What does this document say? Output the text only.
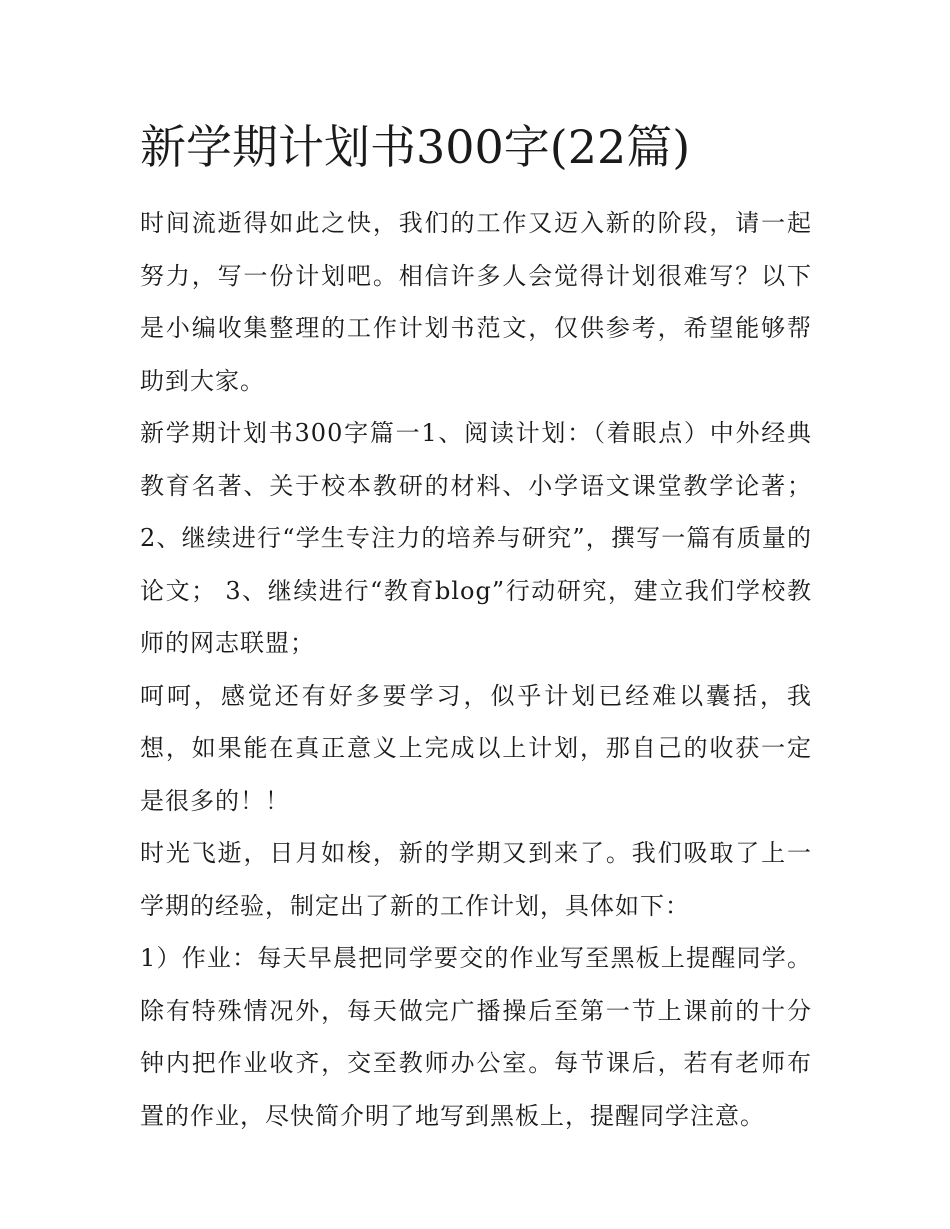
新学期计划书300字(22篇)

时间流逝得如此之快，我们的工作又迈入新的阶段，请一起努力，写一份计划吧。相信许多人会觉得计划很难写？以下是小编收集整理的工作计划书范文，仅供参考，希望能够帮助到大家。

新学期计划书300字篇一1、阅读计划：（着眼点）中外经典教育名著、关于校本教研的材料、小学语文课堂教学论著；2、继续进行“学生专注力的培养与研究”，撰写一篇有质量的论文； 3、继续进行“教育blog”行动研究，建立我们学校教师的网志联盟；

呵呵，感觉还有好多要学习，似乎计划已经难以囊括，我想，如果能在真正意义上完成以上计划，那自己的收获一定是很多的！！

时光飞逝，日月如梭，新的学期又到来了。我们吸取了上一学期的经验，制定出了新的工作计划，具体如下：

1）作业：每天早晨把同学要交的作业写至黑板上提醒同学。除有特殊情况外，每天做完广播操后至第一节上课前的十分钟内把作业收齐，交至教师办公室。每节课后，若有老师布置的作业，尽快简介明了地写到黑板上，提醒同学注意。
